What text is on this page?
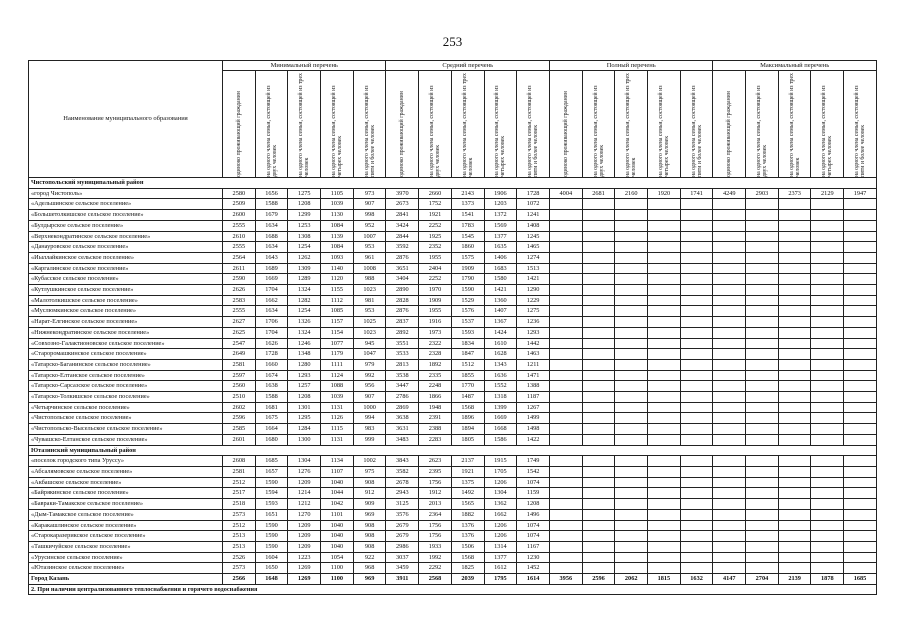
253
Наименование муниципального образования	Минимальный перечень					Средний перечень					Полный перечень					Максимальный перечень				

	одиноко проживающий гражданин	на одного члена семьи, состоящей из двух человек	на одного члена семьи, состоящей из трех человек	на одного члена семьи, состоящей из четырех человек	на одного члена семьи, состоящей из пяти и более человек	одиноко проживающий гражданин	на одного члена семьи, состоящей из двух человек	на одного члена семьи, состоящей из трех человек	на одного члена семьи, состоящей из четырех человек	на одного члена семьи, состоящей из пяти и более человек	одиноко проживающий гражданин	на одного члена семьи, состоящей из двух человек	на одного члена семьи, состоящей из трех человек	на одного члена семьи, состоящей из четырех человек	на одного члена семьи, состоящей из пяти и более человек	одиноко проживающий гражданин	на одного члена семьи, состоящей из двух человек	на одного члена семьи, состоящей из трех человек	на одного члена семьи, состоящей из четырех человек	на одного члена семьи, состоящей из пяти и более человек

Чистопольский муниципальный район																				
«город Чистополь»	2580	1656	1275	1105	973	3970	2660	2143	1906	1728	4004	2681	2160	1920	1741	4249	2903	2373	2129	1947
«Адельшинское сельское поселение»	2509	1588	1208	1039	907	2673	1752	1373	1203	1072										
«Большетолкишское сельское поселение»	2600	1679	1299	1130	998	2841	1921	1541	1372	1241										
«Булдырское сельское поселение»	2555	1634	1253	1084	952	3424	2252	1783	1569	1408										
«Верхнекондратинское сельское поселение»	2610	1688	1308	1139	1007	2844	1925	1545	1377	1245										
«Данауровское сельское поселение»	2555	1634	1254	1084	953	3592	2352	1860	1635	1465										
«Иыллайкинское сельское поселение»	2564	1643	1262	1093	961	2876	1955	1575	1406	1274										
«Каргалинское сельское поселение»	2611	1689	1309	1140	1008	3651	2404	1909	1683	1513										
«Кубасское сельское поселение»	2590	1669	1289	1120	988	3404	2252	1790	1580	1421										
«Кутлушкинское сельское поселение»	2626	1704	1324	1155	1023	2890	1970	1590	1421	1290										
«Малотолкишское сельское поселение»	2583	1662	1282	1112	981	2828	1909	1529	1360	1229										
«Муслюмкинское сельское поселение»	2555	1634	1254	1085	953	2876	1955	1576	1407	1275										
«Нарат-Елгинское сельское поселение»	2627	1706	1326	1157	1025	2837	1916	1537	1367	1236										
«Нижнекондратинское сельское поселение»	2625	1704	1324	1154	1023	2892	1973	1593	1424	1293										
«Совхозно-Галактионовское сельское поселение»	2547	1626	1246	1077	945	3551	2322	1834	1610	1442										
«Староромашкинское сельское поселение»	2649	1728	1348	1179	1047	3533	2328	1847	1628	1463										
«Татарско-Баганинское сельское поселение»	2581	1660	1280	1111	979	2813	1892	1512	1343	1211										
«Татарско-Елтанское сельское поселение»	2597	1674	1293	1124	992	3538	2335	1855	1636	1471										
«Татарско-Сарсазское сельское поселение»	2560	1638	1257	1088	956	3447	2248	1770	1552	1388										
«Татарско-Толкишское сельское поселение»	2510	1588	1208	1039	907	2786	1866	1487	1318	1187										
«Четырчинское сельское поселение»	2602	1681	1301	1131	1000	2869	1948	1568	1399	1267										
«Чистопольское сельское поселение»	2596	1675	1295	1126	994	3638	2391	1896	1669	1499										
«Чистопольско-Высельское сельское поселение»	2585	1664	1284	1115	983	3631	2388	1894	1668	1498										
«Чувашско-Елтанское сельское поселение»	2601	1680	1300	1131	999	3483	2283	1805	1586	1422										
Ютазинский муниципальный район																				
«поселок городского типа Уруссу»	2608	1685	1304	1134	1002	3843	2623	2137	1915	1749										
«Абсалямовское сельское поселение»	2581	1657	1276	1107	975	3582	2395	1921	1705	1542										
«Акбашское сельское поселение»	2512	1590	1209	1040	908	2678	1756	1375	1206	1074										
«Байрякинское сельское поселение»	2517	1594	1214	1044	912	2943	1912	1492	1304	1159										
«Бавраки-Тамакское сельское поселение»	2518	1593	1212	1042	909	3125	2013	1565	1362	1208										
«Дым-Тамакское сельское поселение»	2573	1651	1270	1101	969	3576	2364	1882	1662	1496										
«Каракашлинское сельское поселение»	2512	1590	1209	1040	908	2679	1756	1376	1206	1074										
«Старокаразерикское сельское поселение»	2513	1590	1209	1040	908	2679	1756	1376	1206	1074										
«Ташкичуйское сельское поселение»	2513	1590	1209	1040	908	2986	1933	1506	1314	1167										
«Урусинское сельское поселение»	2526	1604	1223	1054	922	3037	1992	1568	1377	1230										
«Ютазинское сельское поселение»	2573	1650	1269	1100	968	3459	2292	1825	1612	1452										
Город Казань	2566	1648	1269	1100	969	3911	2568	2039	1795	1614	3956	2596	2062	1815	1632	4147	2704	2139	1878	1685
2. При наличии централизованного теплоснабжения и горячего водоснабжения																				
